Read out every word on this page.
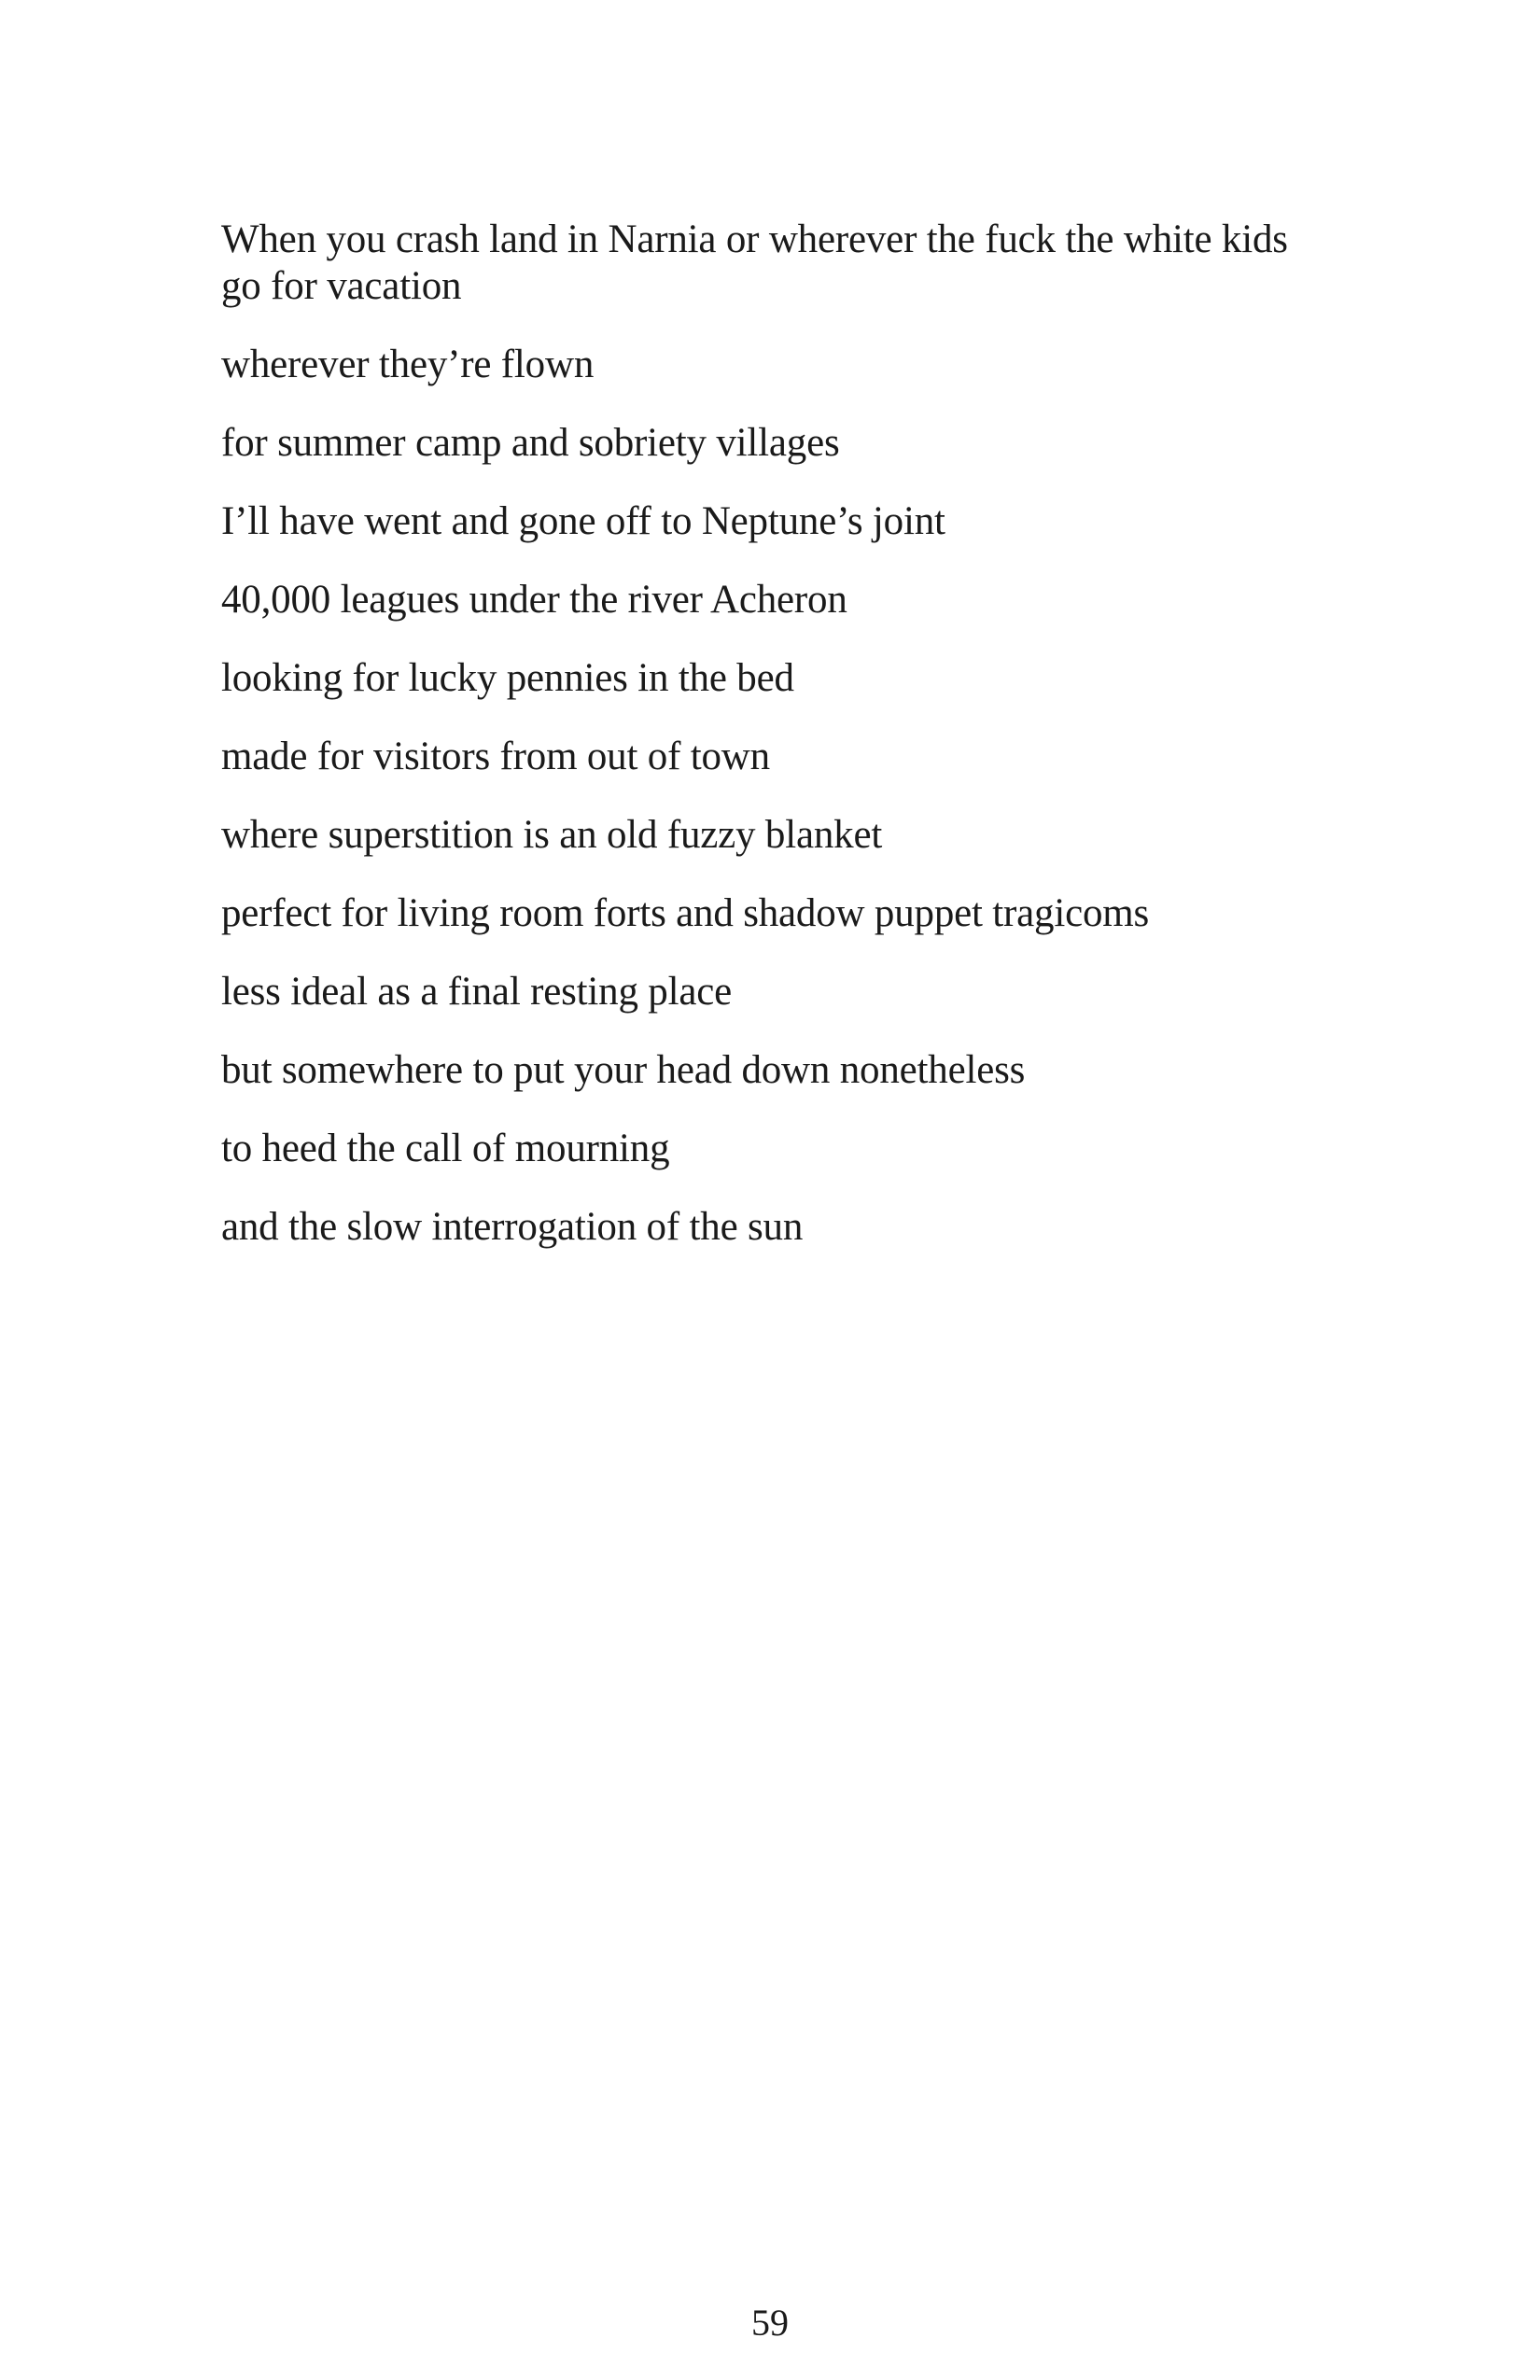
When you crash land in Narnia or wherever the fuck the white kids go for vacation

wherever they’re flown

for summer camp and sobriety villages

I’ll have went and gone off to Neptune’s joint

40,000 leagues under the river Acheron

looking for lucky pennies in the bed

made for visitors from out of town

where superstition is an old fuzzy blanket

perfect for living room forts and shadow puppet tragicoms

less ideal as a final resting place

but somewhere to put your head down nonetheless

to heed the call of mourning

and the slow interrogation of the sun

59
